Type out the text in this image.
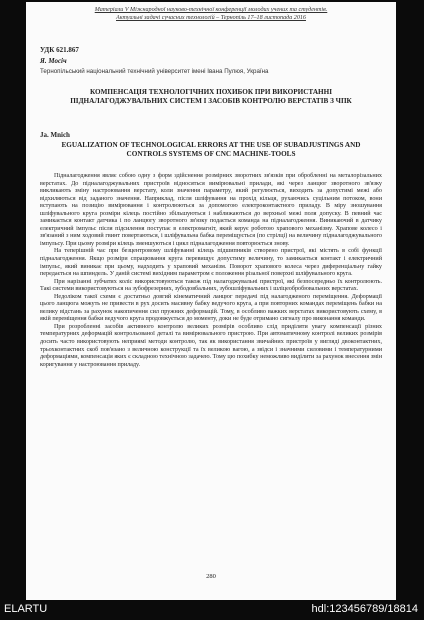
Матеріали V Міжнародної науково-технічної конференції молодих учених та студентів.
Актуальні задачі сучасних технологій – Тернопіль 17–18 листопада 2016
УДК 621.867
Я. Мосіч
Тернопільський національний технічний університет імені Івана Пулюя, Україна
КОМПЕНСАЦІЯ ТЕХНОЛОГІЧНИХ ПОХИБОК ПРИ ВИКОРИСТАННІ ПІДНАЛАГОДЖУВАЛЬНИХ СИСТЕМ І ЗАСОБІВ КОНТРОЛЮ ВЕРСТАТІВ З ЧПК
Ja. Mnich
EGUALIZATION OF TECHNOLOGICAL ERRORS AT THE USE OF SUBADJUSTINGS AND CONTROLS SYSTEMS OF CNC MACHINE-TOOLS

Підналагодження являє собою одну з форм здійснення розмірних зворотних зв'язків при обробленні на металорізальних верстатах. До підналагоджувальних пристроїв відносяться вимірювальні прилади, які через ланцюг зворотного зв'язку викликають зміну настроювання верстату, коли значення параметру, який регулюється, виходить за допустимі межі або відхиляються від заданого значення. Наприклад, після шліфування на прохід кільця, рухаючись суцільним потоком, вони вступають на позицію вимірювання і контролюються за допомогою електроконтактного приладу. В міру зношування шліфувального круга розміри кілець постійно збільшуються і наближаються до верхньої межі поля допуску. В певний час замикається контакт датчика і по ланцюгу зворотного зв'язку подається команда на підналагодження. Виникаючий в датчику електричний імпульс після підсилення поступає в електромагніт, який керує роботою храпового механізму. Храпове колесо і зв'язаний з ним ходовий гвинт повертаються, і шліфувальна бабка переміщується (по стрілці) на величину підналагоджувального імпульсу. При цьому розміри кілець зменшуються і цикл підналагодження повторюється знову.

На теперішній час при безцентровому шліфуванні кілець підшипників створено пристрої, які містять в собі функції підналагодження. Якщо розміри спрацювання круга перевищує допустиму величину, то замикається контакт і електричний імпульс, який виникає при цьому, надходить у храповий механізм. Поворот храпового колеса через диференціальну гайку передається на шпиндель. У даній системі вихідним параметром є положення різальної поверхні шліфувального круга.

При нарізанні зубчатих коліс використовуються також під налагоджувальні пристрої, які безпосередньо їх контролюють. Такі системи використовуються на зубофрезерних, зубодовбальних, зубошліфувальних і шліцеобробювальних верстатах.

Недоліком такої схеми є достатньо довгий кінематичний ланцюг передачі під налагодженого переміщення. Деформації цього ланцюга можуть не привести в рух досить масивну бабку ведучого круга, а при повторних командах переміщень бабки на велику відстань за рахунок накопичення сил пружних деформацій. Тому, в особливо важких верстатах використовують схему, в якій переміщення бабки ведучого круга продовжується до моменту, доки не буде отримано сигналу про виконання команди.

При розробленні засобів активного контролю великих розмірів особливо слід приділяти увагу компенсації різних температурних деформацій контрольованої деталі та вимірювального пристрою. При автоматичному контролі великих розмірів досить часто використовують неприямі методи контролю, так як використання звичайних пристроїв у вигляді двоконтактних, трьохконтактних скоб пов'язано з величною конструкції та їх великою вагою, а звідси і значними силовими і температурними деформаціями, компенсація яких є складною технічною задачею. Тому цю похибку неможливо виділити за рахунок внесення змін коригування у настроювання приладу.

280
ELARTU	hdl:123456789/18814
